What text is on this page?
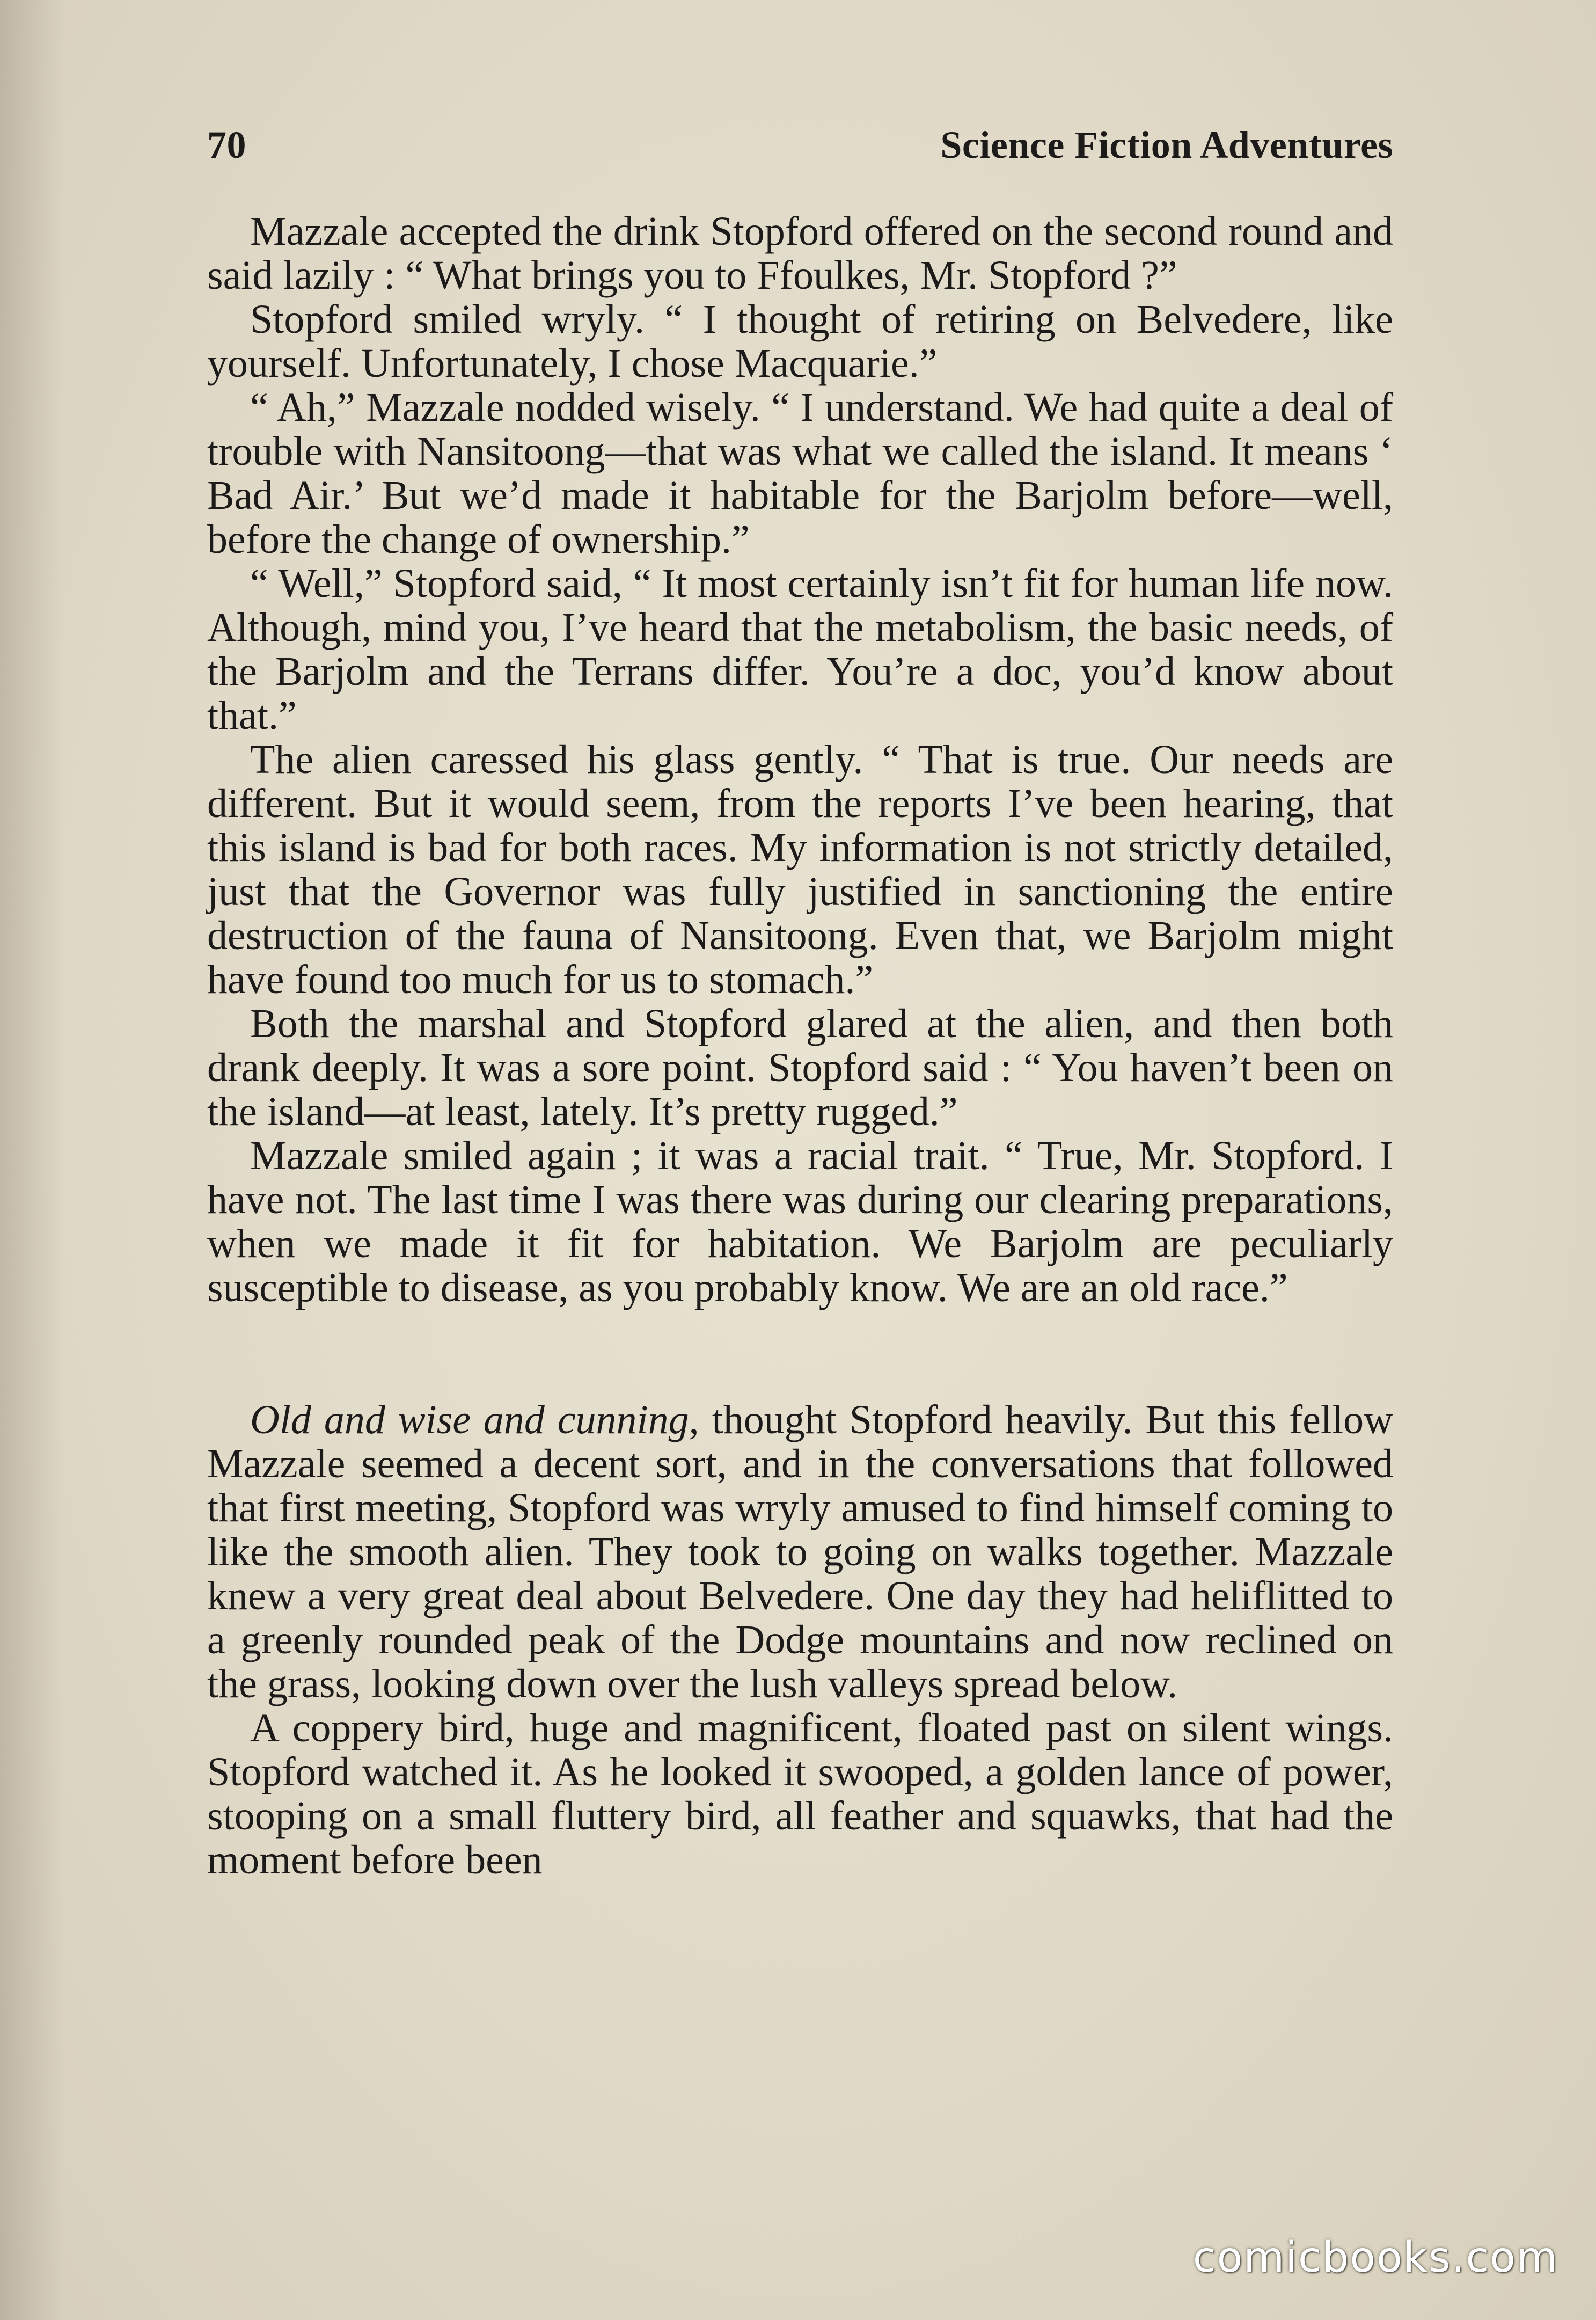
70	Science Fiction Adventures

Mazzale accepted the drink Stopford offered on the second round and said lazily : “ What brings you to Ffoulkes, Mr. Stopford ?”

Stopford smiled wryly. “ I thought of retiring on Belvedere, like yourself. Unfortunately, I chose Macquarie.”

“ Ah,” Mazzale nodded wisely. “ I understand. We had quite a deal of trouble with Nansitoong—that was what we called the island. It means ‘ Bad Air.’ But we’d made it habitable for the Barjolm before—well, before the change of ownership.”

“ Well,” Stopford said, “ It most certainly isn’t fit for human life now. Although, mind you, I’ve heard that the metabolism, the basic needs, of the Barjolm and the Terrans differ. You’re a doc, you’d know about that.”

The alien caressed his glass gently. “ That is true. Our needs are different. But it would seem, from the reports I’ve been hearing, that this island is bad for both races. My information is not strictly detailed, just that the Governor was fully justified in sanctioning the entire destruction of the fauna of Nansitoong. Even that, we Barjolm might have found too much for us to stomach.”

Both the marshal and Stopford glared at the alien, and then both drank deeply. It was a sore point. Stopford said : “ You haven’t been on the island—at least, lately. It’s pretty rugged.”

Mazzale smiled again ; it was a racial trait. “ True, Mr. Stopford. I have not. The last time I was there was during our clearing preparations, when we made it fit for habitation. We Barjolm are peculiarly susceptible to disease, as you probably know. We are an old race.”

Old and wise and cunning, thought Stopford heavily. But this fellow Mazzale seemed a decent sort, and in the conversations that followed that first meeting, Stopford was wryly amused to find himself coming to like the smooth alien. They took to going on walks together. Mazzale knew a very great deal about Belvedere. One day they had heliflitted to a greenly rounded peak of the Dodge mountains and now reclined on the grass, looking down over the lush valleys spread below.

A coppery bird, huge and magnificent, floated past on silent wings. Stopford watched it. As he looked it swooped, a golden lance of power, stooping on a small fluttery bird, all feather and squawks, that had the moment before been

comicbooks.com
